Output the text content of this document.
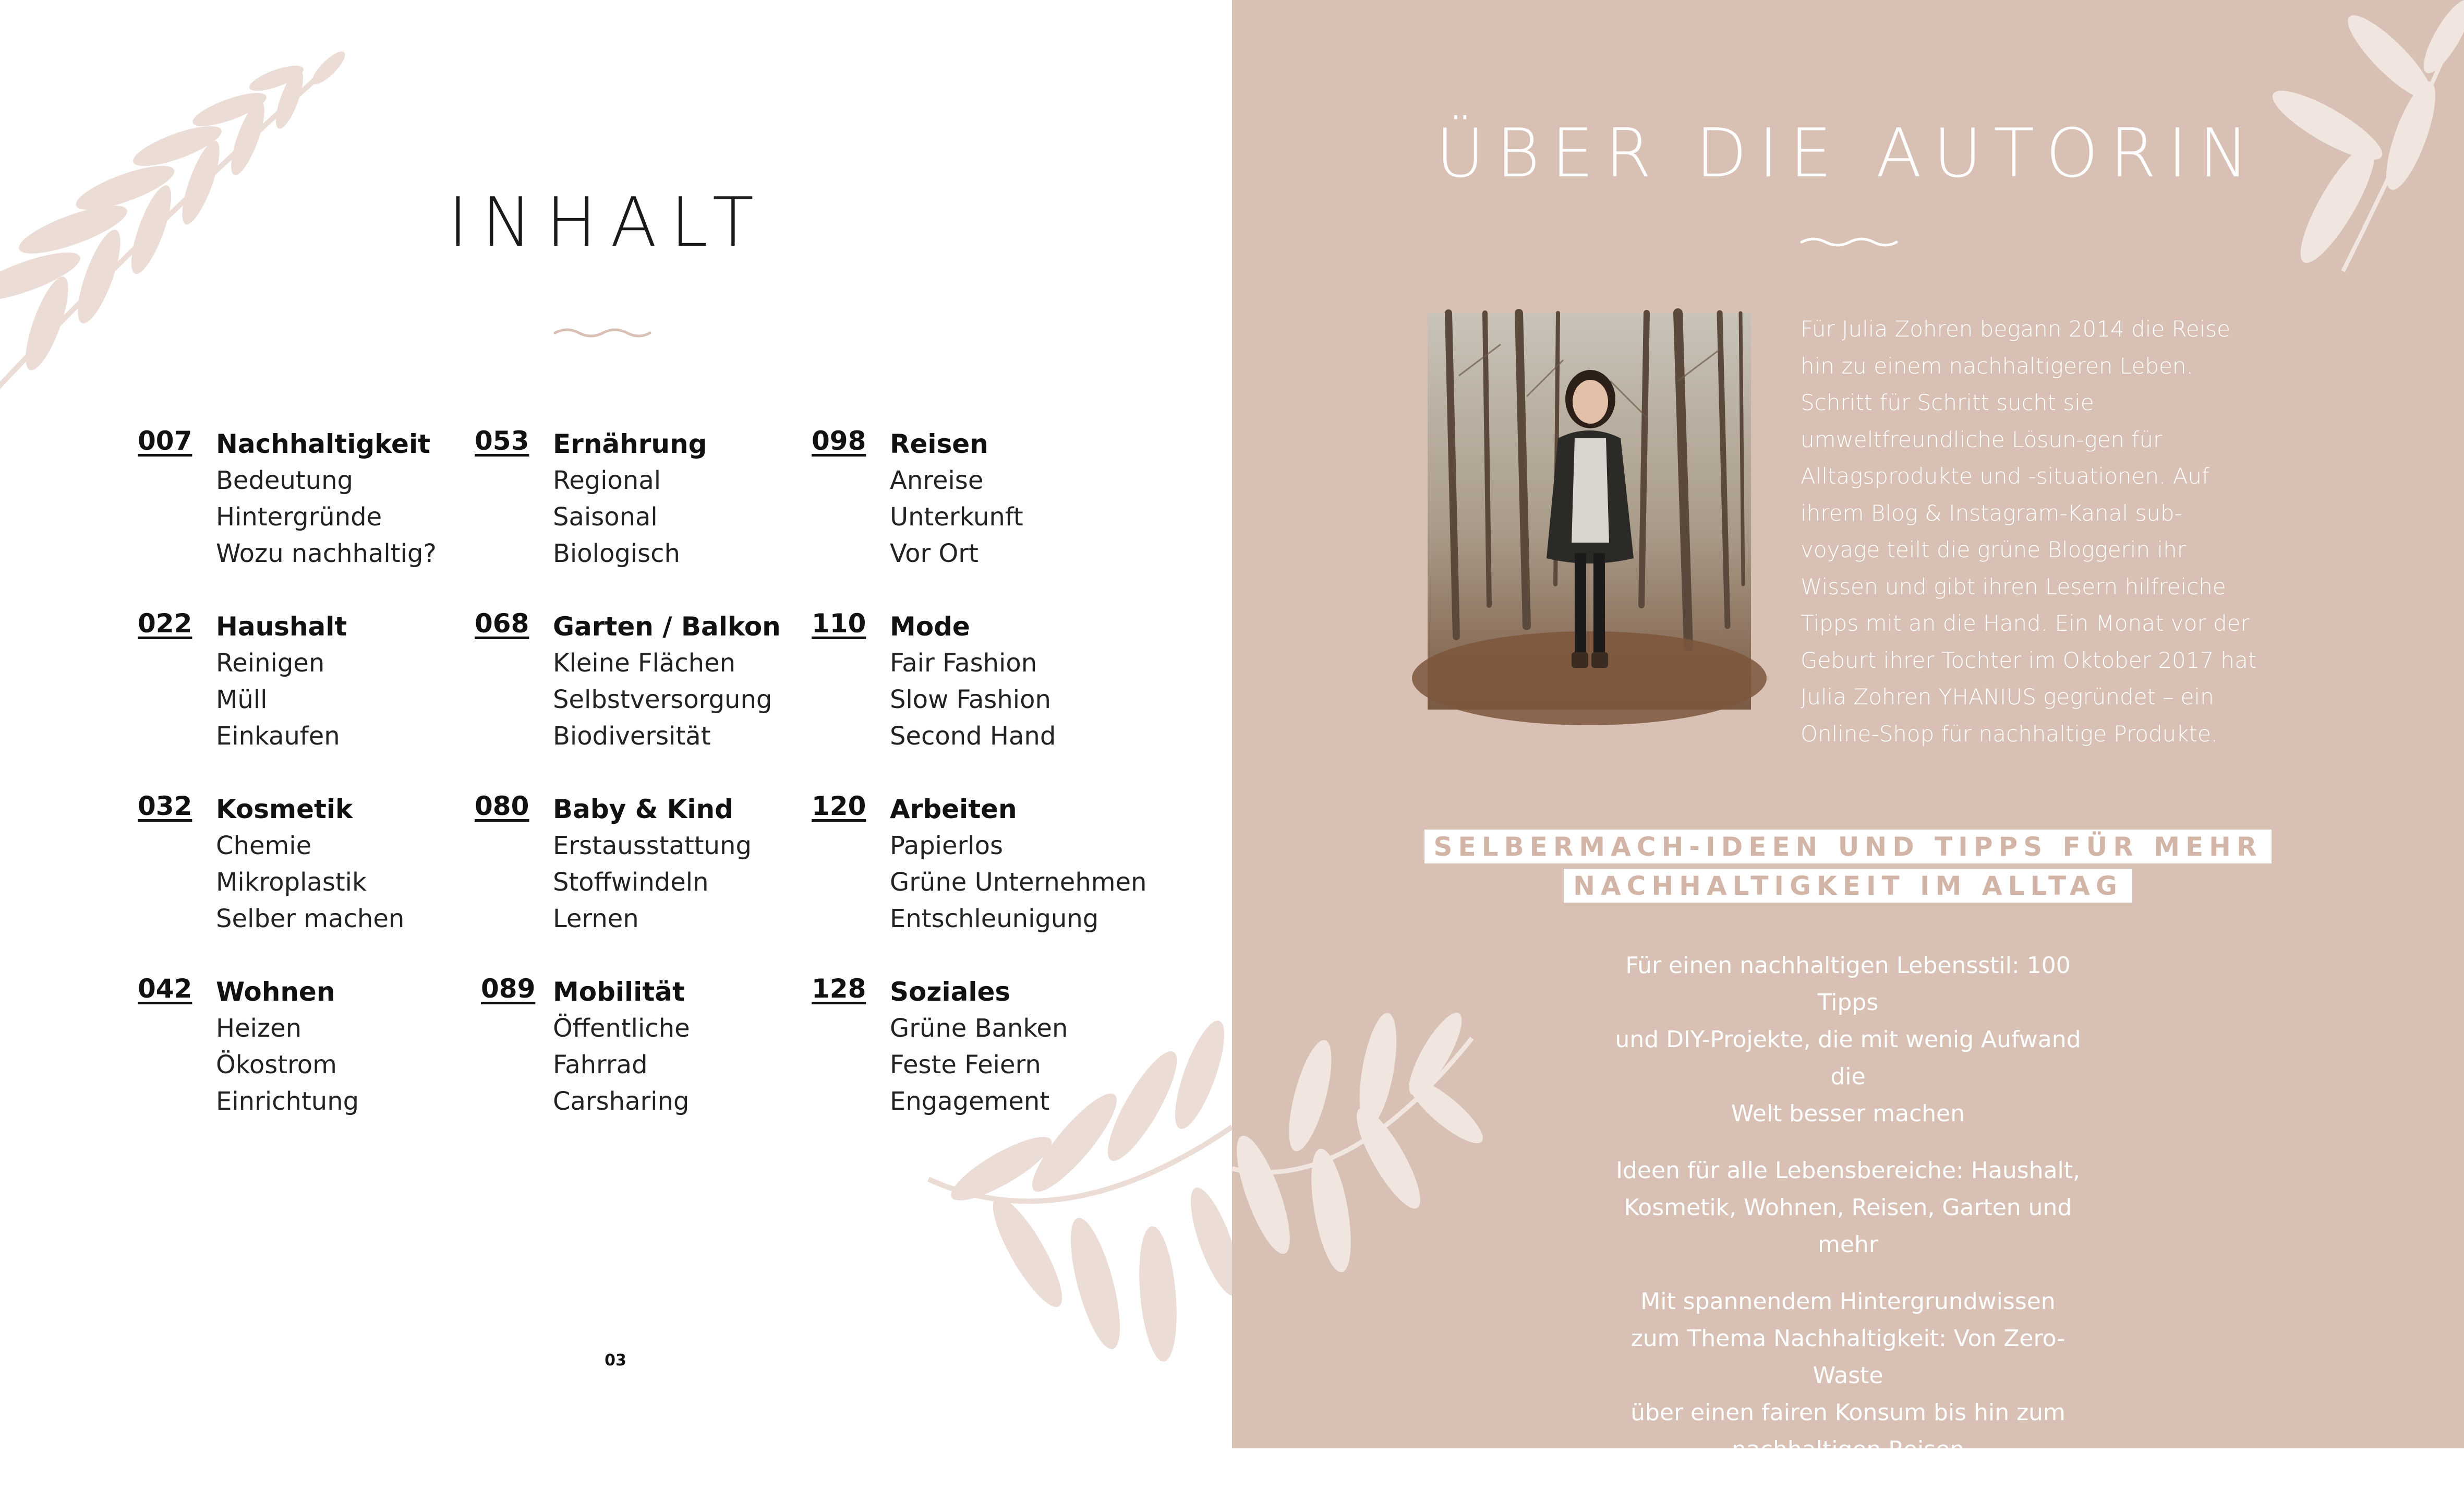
INHALT
007 Nachhaltigkeit
Bedeutung
Hintergründe
Wozu nachhaltig?
022 Haushalt
Reinigen
Müll
Einkaufen
032 Kosmetik
Chemie
Mikroplastik
Selber machen
042 Wohnen
Heizen
Ökostrom
Einrichtung
053 Ernährung
Regional
Saisonal
Biologisch
068 Garten / Balkon
Kleine Flächen
Selbstversorgung
Biodiversität
080 Baby & Kind
Erstausstattung
Stoffwindeln
Lernen
089 Mobilität
Öffentliche
Fahrrad
Carsharing
098 Reisen
Anreise
Unterkunft
Vor Ort
110 Mode
Fair Fashion
Slow Fashion
Second Hand
120 Arbeiten
Papierlos
Grüne Unternehmen
Entschleunigung
128 Soziales
Grüne Banken
Feste Feiern
Engagement
03
ÜBER DIE AUTORIN
Für Julia Zohren begann 2014 die Reise hin zu einem nachhaltigeren Leben. Schritt für Schritt sucht sie umweltfreundliche Lösun-gen für Alltagsprodukte und -situationen. Auf ihrem Blog & Instagram-Kanal sub-voyage teilt die grüne Bloggerin ihr Wissen und gibt ihren Lesern hilfreiche Tipps mit an die Hand. Ein Monat vor der Geburt ihrer Tochter im Oktober 2017 hat Julia Zohren YHANIUS gegründet – ein Online-Shop für nachhaltige Produkte.
SELBERMACH-IDEEN UND TIPPS FÜR MEHR
NACHHALTIGKEIT IM ALLTAG
Für einen nachhaltigen Lebensstil: 100 Tipps
und DIY-Projekte, die mit wenig Aufwand die
Welt besser machen
Ideen für alle Lebensbereiche: Haushalt,
Kosmetik, Wohnen, Reisen, Garten und mehr
Mit spannendem Hintergrundwissen
zum Thema Nachhaltigkeit: Von Zero-Waste
über einen fairen Konsum bis hin zum
nachhaltigen Reisen
